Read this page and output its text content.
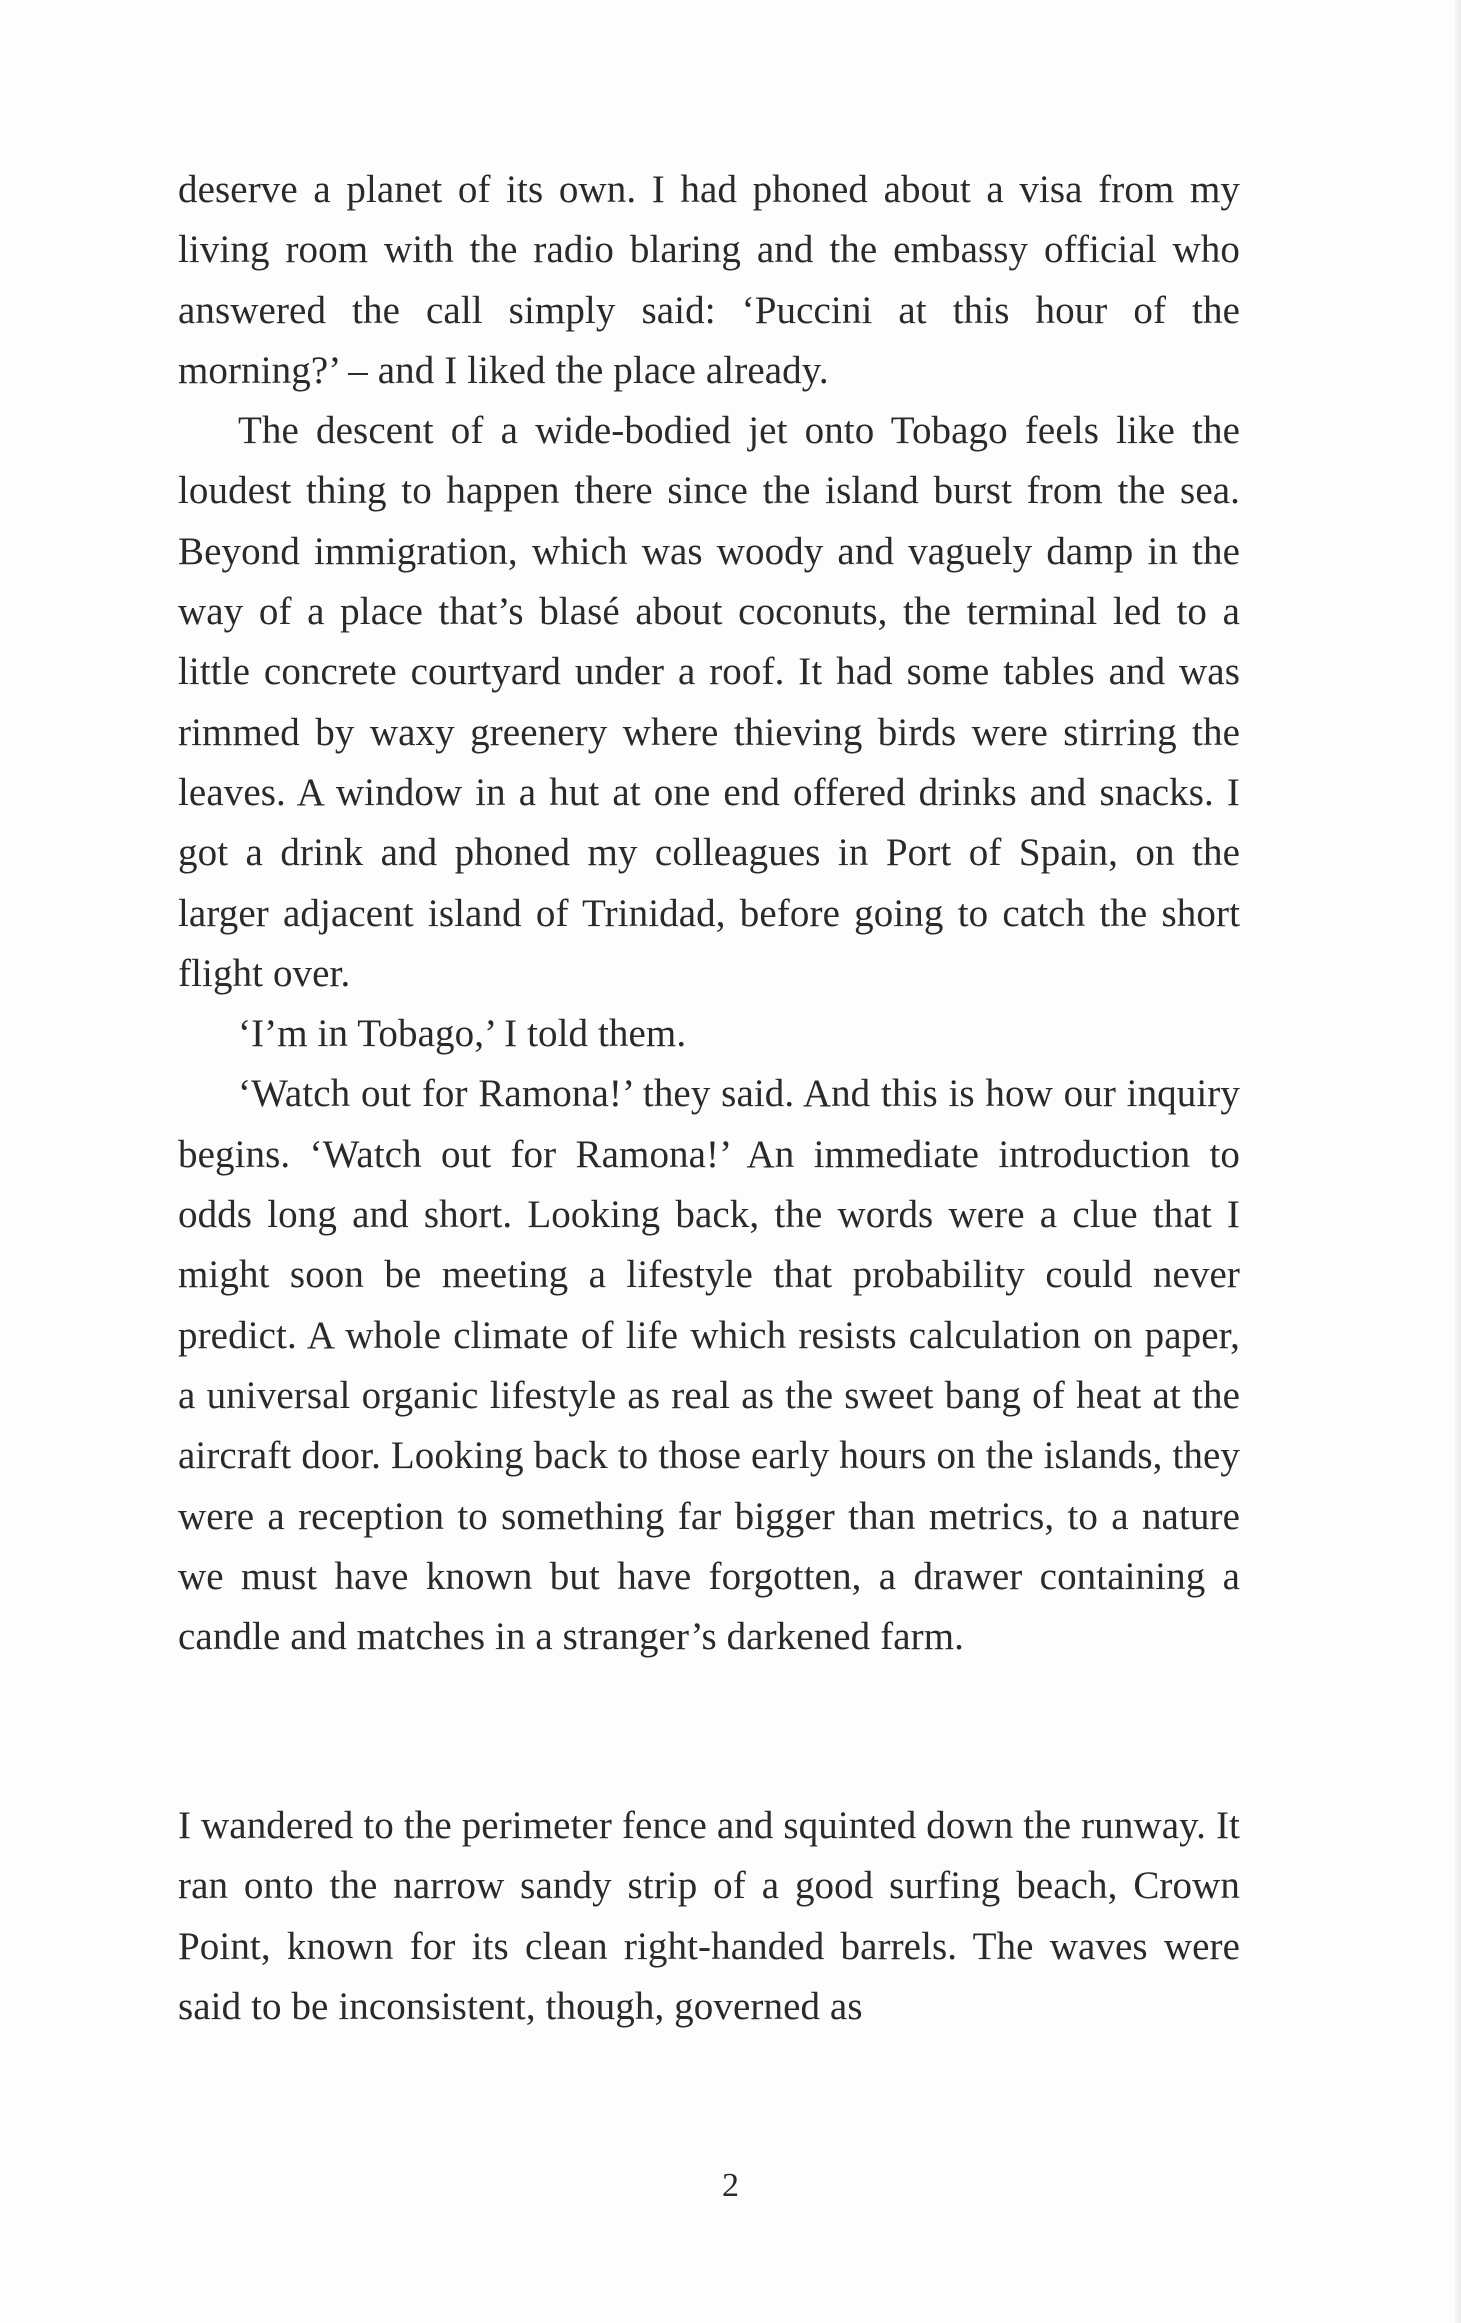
deserve a planet of its own. I had phoned about a visa from my living room with the radio blaring and the embassy official who answered the call simply said: ‘Puccini at this hour of the morning?’ – and I liked the place already.

The descent of a wide-bodied jet onto Tobago feels like the loudest thing to happen there since the island burst from the sea. Beyond immigration, which was woody and vaguely damp in the way of a place that’s blasé about coconuts, the terminal led to a little concrete courtyard under a roof. It had some tables and was rimmed by waxy greenery where thieving birds were stirring the leaves. A window in a hut at one end offered drinks and snacks. I got a drink and phoned my colleagues in Port of Spain, on the larger adjacent island of Trinidad, before going to catch the short flight over.

‘I’m in Tobago,’ I told them.

‘Watch out for Ramona!’ they said. And this is how our inquiry begins. ‘Watch out for Ramona!’ An immediate introduction to odds long and short. Looking back, the words were a clue that I might soon be meeting a lifestyle that probability could never predict. A whole climate of life which resists calculation on paper, a universal organic lifestyle as real as the sweet bang of heat at the aircraft door. Looking back to those early hours on the islands, they were a reception to something far bigger than metrics, to a nature we must have known but have forgotten, a drawer containing a candle and matches in a stranger’s darkened farm.

I wandered to the perimeter fence and squinted down the runway. It ran onto the narrow sandy strip of a good surfing beach, Crown Point, known for its clean right-handed barrels. The waves were said to be inconsistent, though, governed as

2
